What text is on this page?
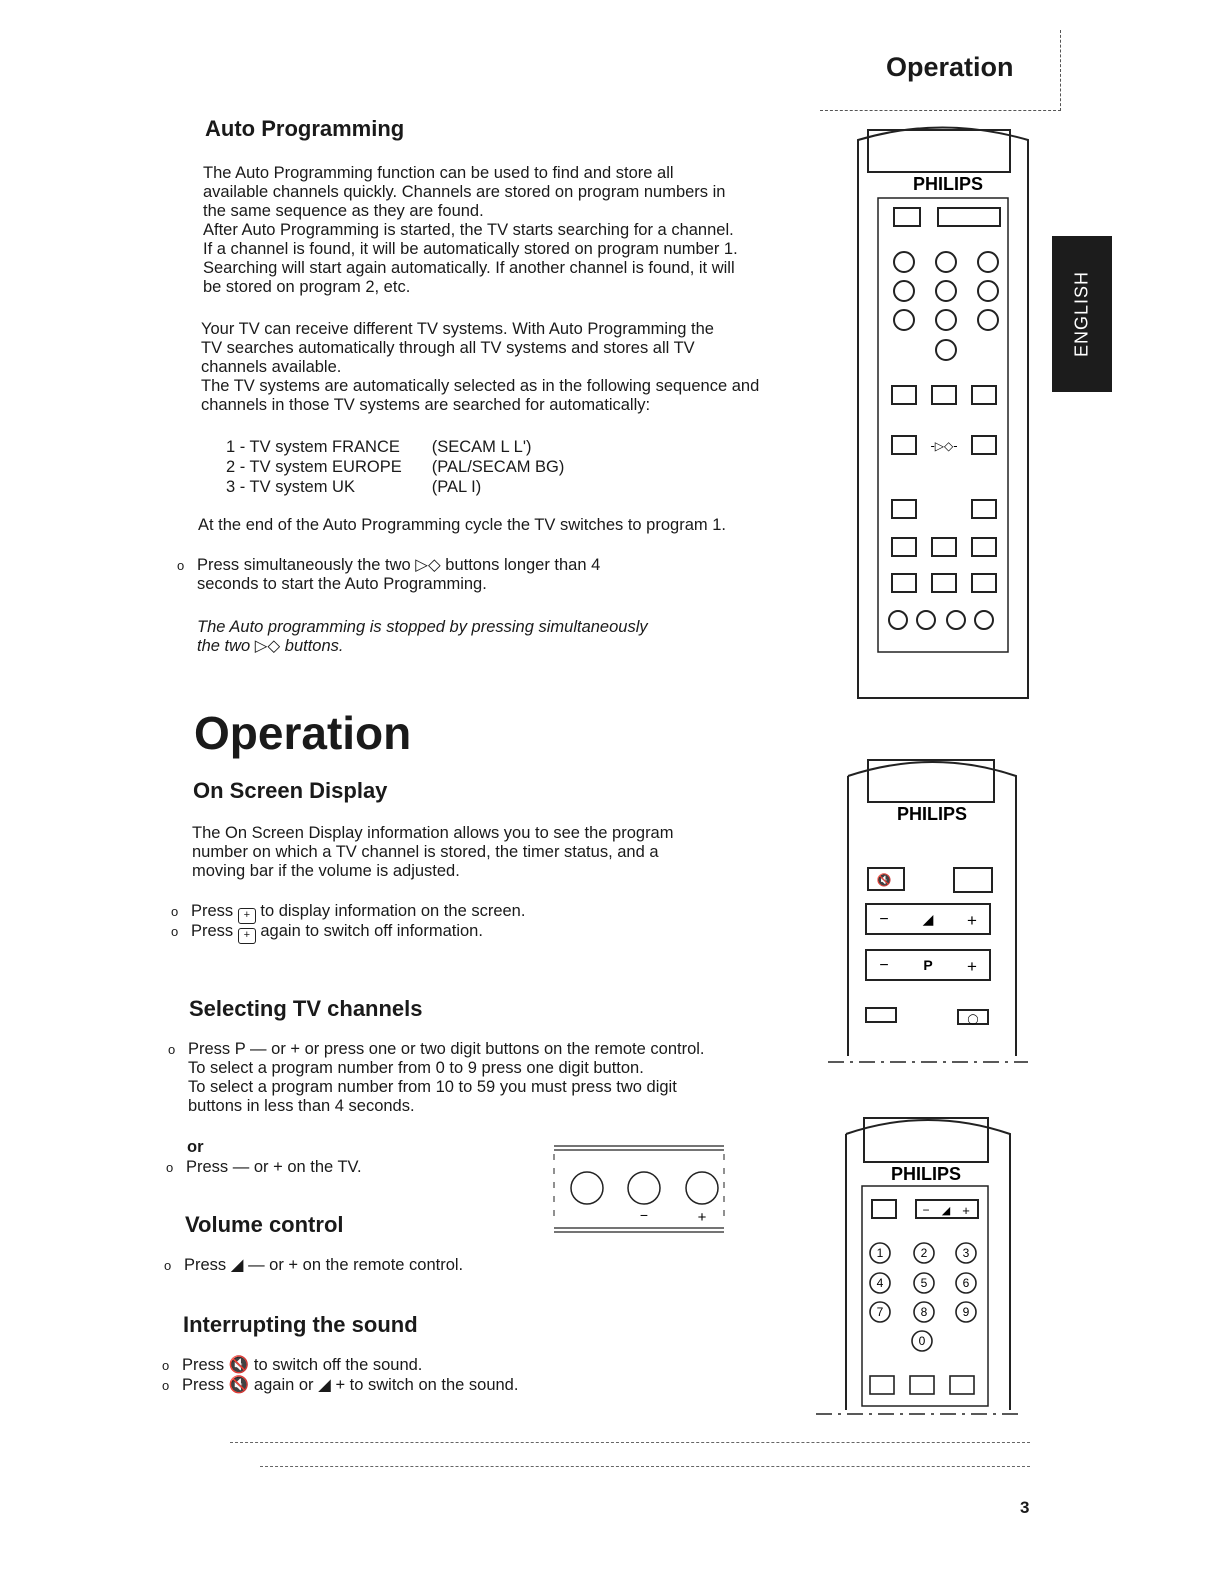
Operation
ENGLISH
Auto Programming

The Auto Programming function can be used to find and store all
available channels quickly. Channels are stored on program numbers in
the same sequence as they are found.
After Auto Programming is started, the TV starts searching for a channel.
If a channel is found, it will be automatically stored on program number 1.
Searching will start again automatically. If another channel is found, it will
be stored on program 2, etc.

Your TV can receive different TV systems. With Auto Programming the
TV searches automatically through all TV systems and stores all TV
channels available.
The TV systems are automatically selected as in the following sequence and
channels in those TV systems are searched for automatically:

1 - TV system FRANCE	(SECAM L L')
2 - TV system EUROPE	(PAL/SECAM BG)
3 - TV system UK	(PAL I)

At the end of the Auto Programming cycle the TV switches to program 1.

o Press simultaneously the two ▷◇ buttons longer than 4
seconds to start the Auto Programming.

The Auto programming is stopped by pressing simultaneously
the two ▷◇ buttons.

Operation
On Screen Display

The On Screen Display information allows you to see the program
number on which a TV channel is stored, the timer status, and a
moving bar if the volume is adjusted.

o Press + to display information on the screen.
o Press + again to switch off information.
Selecting TV channels
o Press P — or + or press one or two digit buttons on the remote control.
To select a program number from 0 to 9 press one digit button.
To select a program number from 10 to 59 you must press two digit
buttons in less than 4 seconds.

or

o Press — or + on the TV.
−	+
Volume control
o Press ◢ — or + on the remote control.
Interrupting the sound
o Press 🔇 to switch off the sound.
o Press 🔇 again or ◢ + to switch on the sound.
PHILIPS
-▷◇-
PHILIPS
🔇
◯
− ◢ +
− P +
PHILIPS
− ◢ +
1	2	3
4	5	6
7	8	9
0
3
